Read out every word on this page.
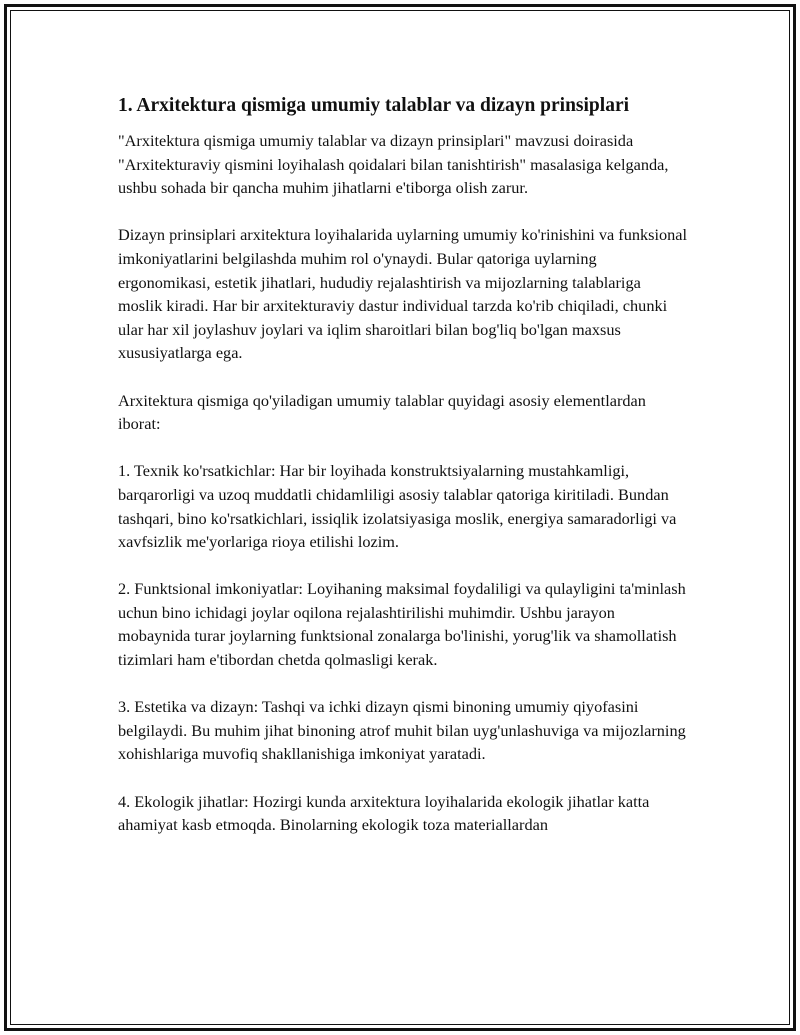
1. Arxitektura qismiga umumiy talablar va dizayn prinsiplari

"Arxitektura qismiga umumiy talablar va dizayn prinsiplari" mavzusi doirasida "Arxitekturaviy qismini loyihalash qoidalari bilan tanishtirish" masalasiga kelganda, ushbu sohada bir qancha muhim jihatlarni e'tiborga olish zarur.

Dizayn prinsiplari arxitektura loyihalarida uylarning umumiy ko'rinishini va funksional imkoniyatlarini belgilashda muhim rol o'ynaydi. Bular qatoriga uylarning ergonomikasi, estetik jihatlari, hududiy rejalashtirish va mijozlarning talablariga moslik kiradi. Har bir arxitekturaviy dastur individual tarzda ko'rib chiqiladi, chunki ular har xil joylashuv joylari va iqlim sharoitlari bilan bog'liq bo'lgan maxsus xususiyatlarga ega.

Arxitektura qismiga qo'yiladigan umumiy talablar quyidagi asosiy elementlardan iborat:

1. Texnik ko'rsatkichlar: Har bir loyihada konstruktsiyalarning mustahkamligi, barqarorligi va uzoq muddatli chidamliligi asosiy talablar qatoriga kiritiladi. Bundan tashqari, bino ko'rsatkichlari, issiqlik izolatsiyasiga moslik, energiya samaradorligi va xavfsizlik me'yorlariga rioya etilishi lozim.

2. Funktsional imkoniyatlar: Loyihaning maksimal foydaliligi va qulayligini ta'minlash uchun bino ichidagi joylar oqilona rejalashtirilishi muhimdir. Ushbu jarayon mobaynida turar joylarning funktsional zonalarga bo'linishi, yorug'lik va shamollatish tizimlari ham e'tibordan chetda qolmasligi kerak.

3. Estetika va dizayn: Tashqi va ichki dizayn qismi binoning umumiy qiyofasini belgilaydi. Bu muhim jihat binoning atrof muhit bilan uyg'unlashuviga va mijozlarning xohishlariga muvofiq shakllanishiga imkoniyat yaratadi.

4. Ekologik jihatlar: Hozirgi kunda arxitektura loyihalarida ekologik jihatlar katta ahamiyat kasb etmoqda. Binolarning ekologik toza materiallardan
